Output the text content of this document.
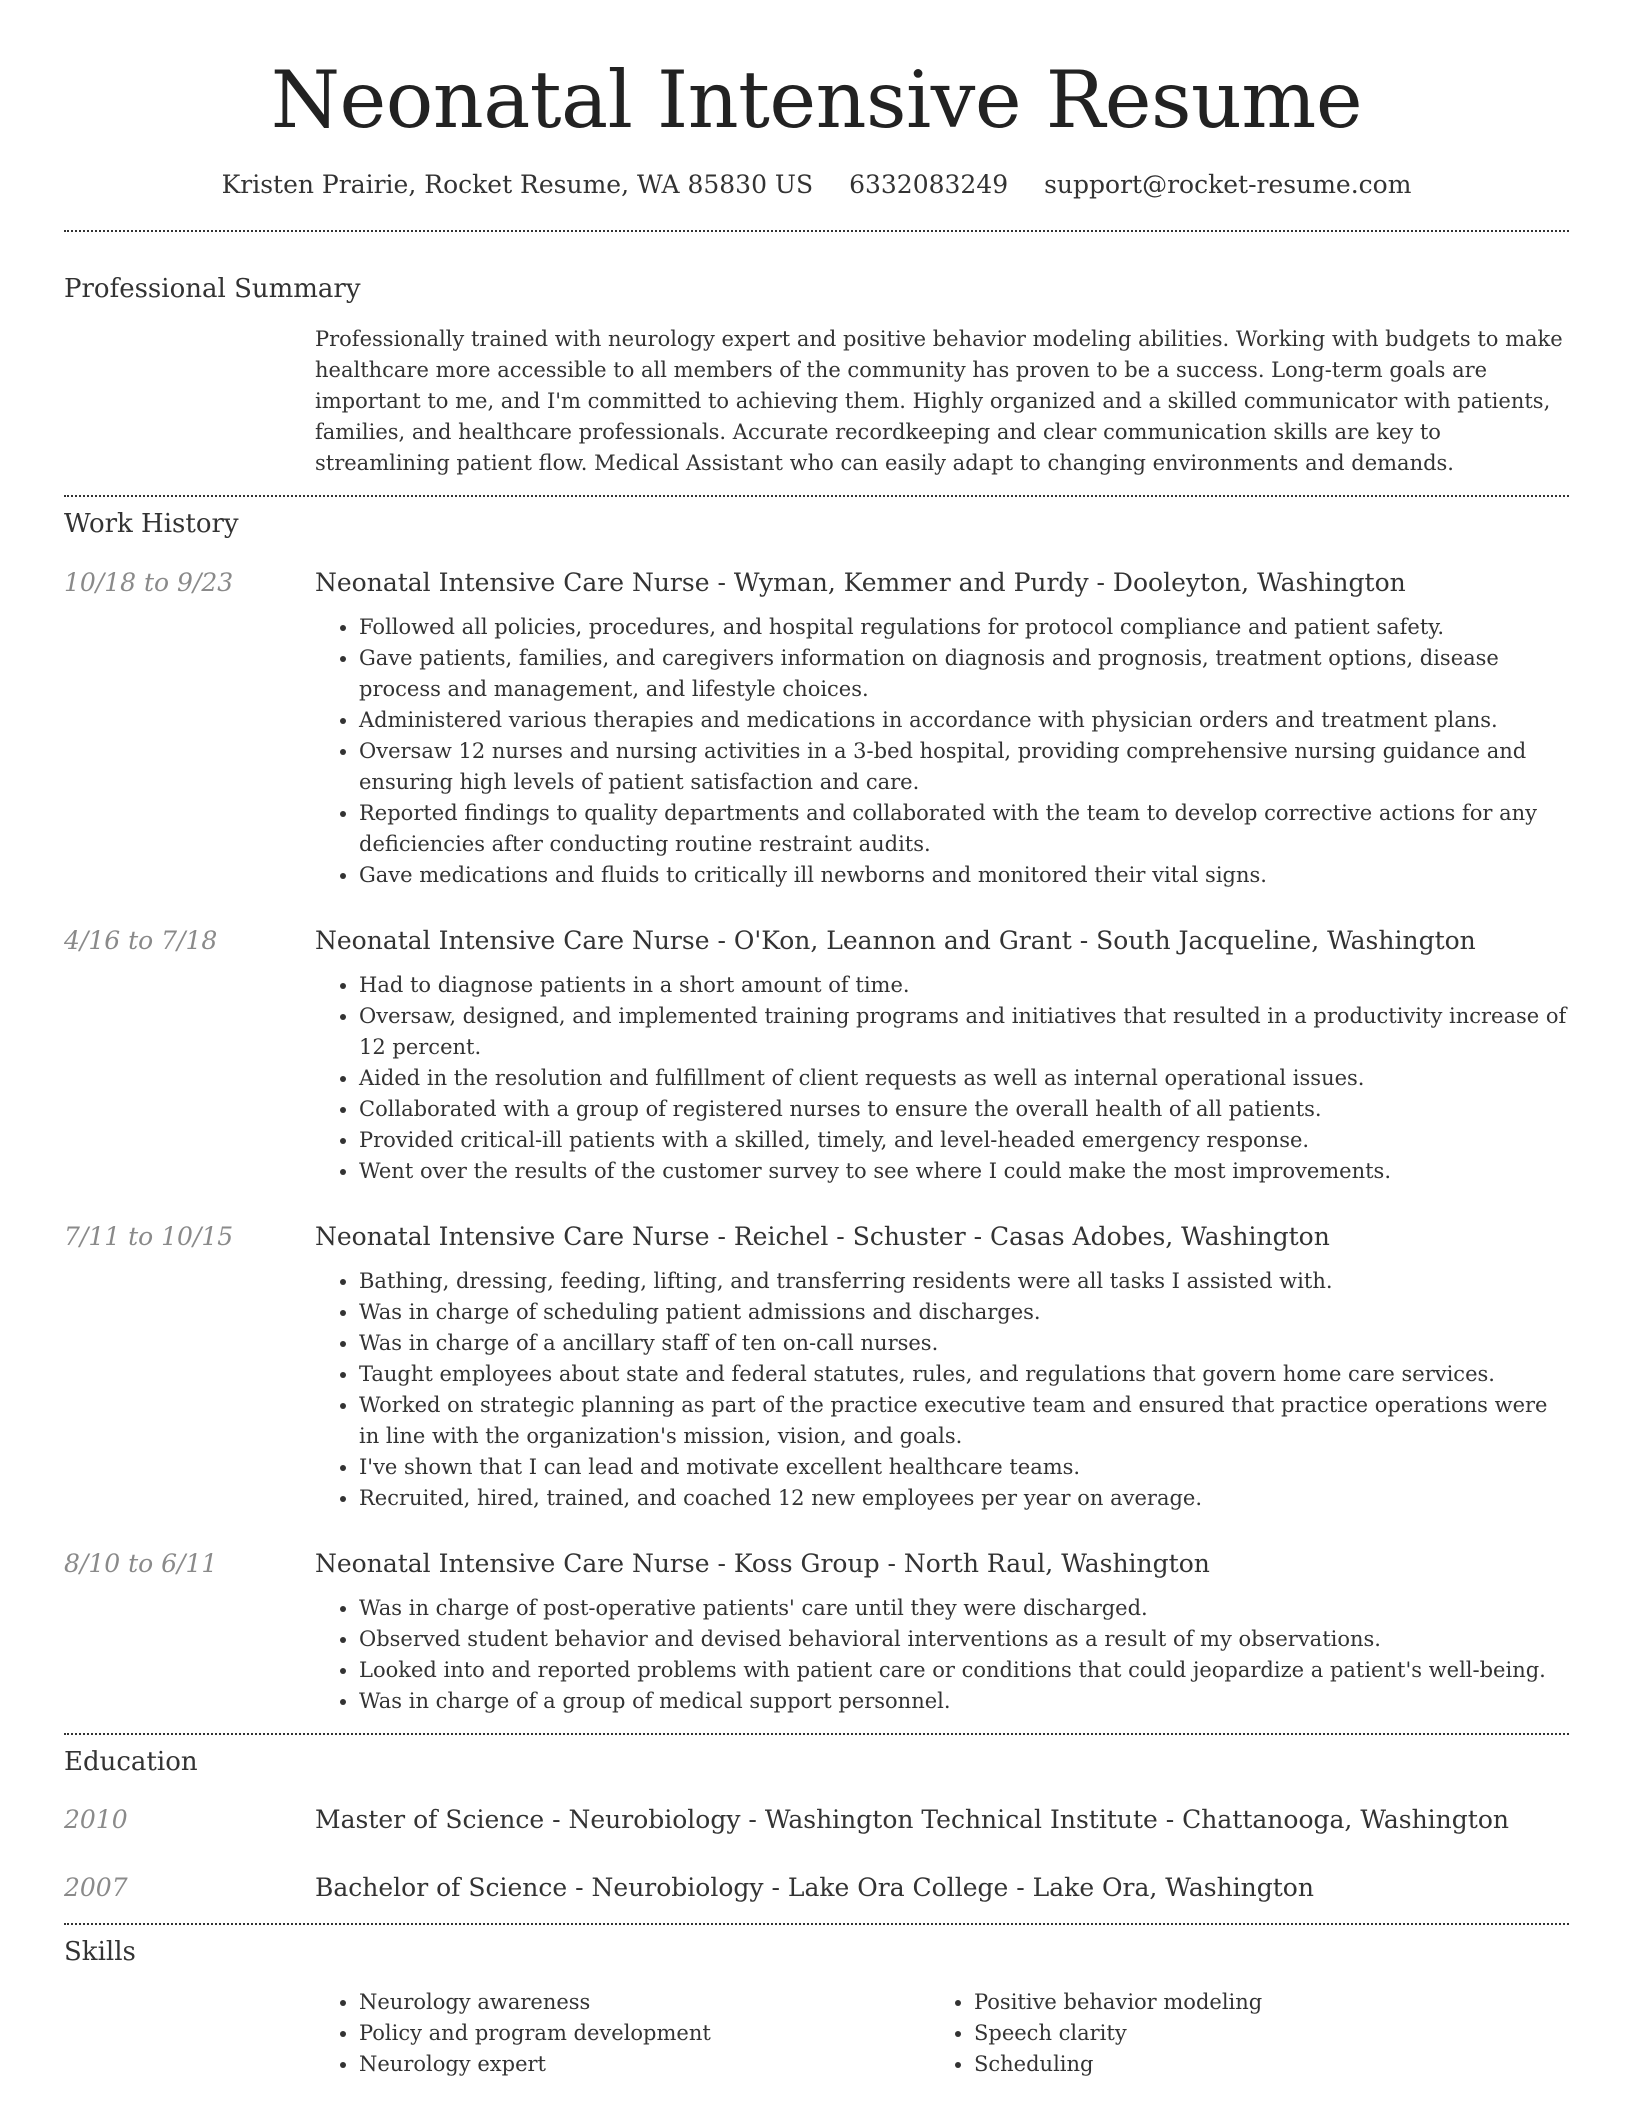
Neonatal Intensive Resume
Kristen Prairie, Rocket Resume, WA 85830 US 6332083249 support@rocket-resume.com
Professional Summary
Professionally trained with neurology expert and positive behavior modeling abilities. Working with budgets to make healthcare more accessible to all members of the community has proven to be a success. Long-term goals are important to me, and I'm committed to achieving them. Highly organized and a skilled communicator with patients, families, and healthcare professionals. Accurate recordkeeping and clear communication skills are key to streamlining patient flow. Medical Assistant who can easily adapt to changing environments and demands.
Work History
10/18 to 9/23	Neonatal Intensive Care Nurse - Wyman, Kemmer and Purdy - Dooleyton, Washington
• Followed all policies, procedures, and hospital regulations for protocol compliance and patient safety.
• Gave patients, families, and caregivers information on diagnosis and prognosis, treatment options, disease process and management, and lifestyle choices.
• Administered various therapies and medications in accordance with physician orders and treatment plans.
• Oversaw 12 nurses and nursing activities in a 3-bed hospital, providing comprehensive nursing guidance and ensuring high levels of patient satisfaction and care.
• Reported findings to quality departments and collaborated with the team to develop corrective actions for any deficiencies after conducting routine restraint audits.
• Gave medications and fluids to critically ill newborns and monitored their vital signs.
4/16 to 7/18	Neonatal Intensive Care Nurse - O'Kon, Leannon and Grant - South Jacqueline, Washington
• Had to diagnose patients in a short amount of time.
• Oversaw, designed, and implemented training programs and initiatives that resulted in a productivity increase of 12 percent.
• Aided in the resolution and fulfillment of client requests as well as internal operational issues.
• Collaborated with a group of registered nurses to ensure the overall health of all patients.
• Provided critical-ill patients with a skilled, timely, and level-headed emergency response.
• Went over the results of the customer survey to see where I could make the most improvements.
7/11 to 10/15	Neonatal Intensive Care Nurse - Reichel - Schuster - Casas Adobes, Washington
• Bathing, dressing, feeding, lifting, and transferring residents were all tasks I assisted with.
• Was in charge of scheduling patient admissions and discharges.
• Was in charge of a ancillary staff of ten on-call nurses.
• Taught employees about state and federal statutes, rules, and regulations that govern home care services.
• Worked on strategic planning as part of the practice executive team and ensured that practice operations were in line with the organization's mission, vision, and goals.
• I've shown that I can lead and motivate excellent healthcare teams.
• Recruited, hired, trained, and coached 12 new employees per year on average.
8/10 to 6/11	Neonatal Intensive Care Nurse - Koss Group - North Raul, Washington
• Was in charge of post-operative patients' care until they were discharged.
• Observed student behavior and devised behavioral interventions as a result of my observations.
• Looked into and reported problems with patient care or conditions that could jeopardize a patient's well-being.
• Was in charge of a group of medical support personnel.
Education
2010	Master of Science - Neurobiology - Washington Technical Institute - Chattanooga, Washington
2007	Bachelor of Science - Neurobiology - Lake Ora College - Lake Ora, Washington
Skills
• Neurology awareness
• Policy and program development
• Neurology expert
• Positive behavior modeling
• Speech clarity
• Scheduling
